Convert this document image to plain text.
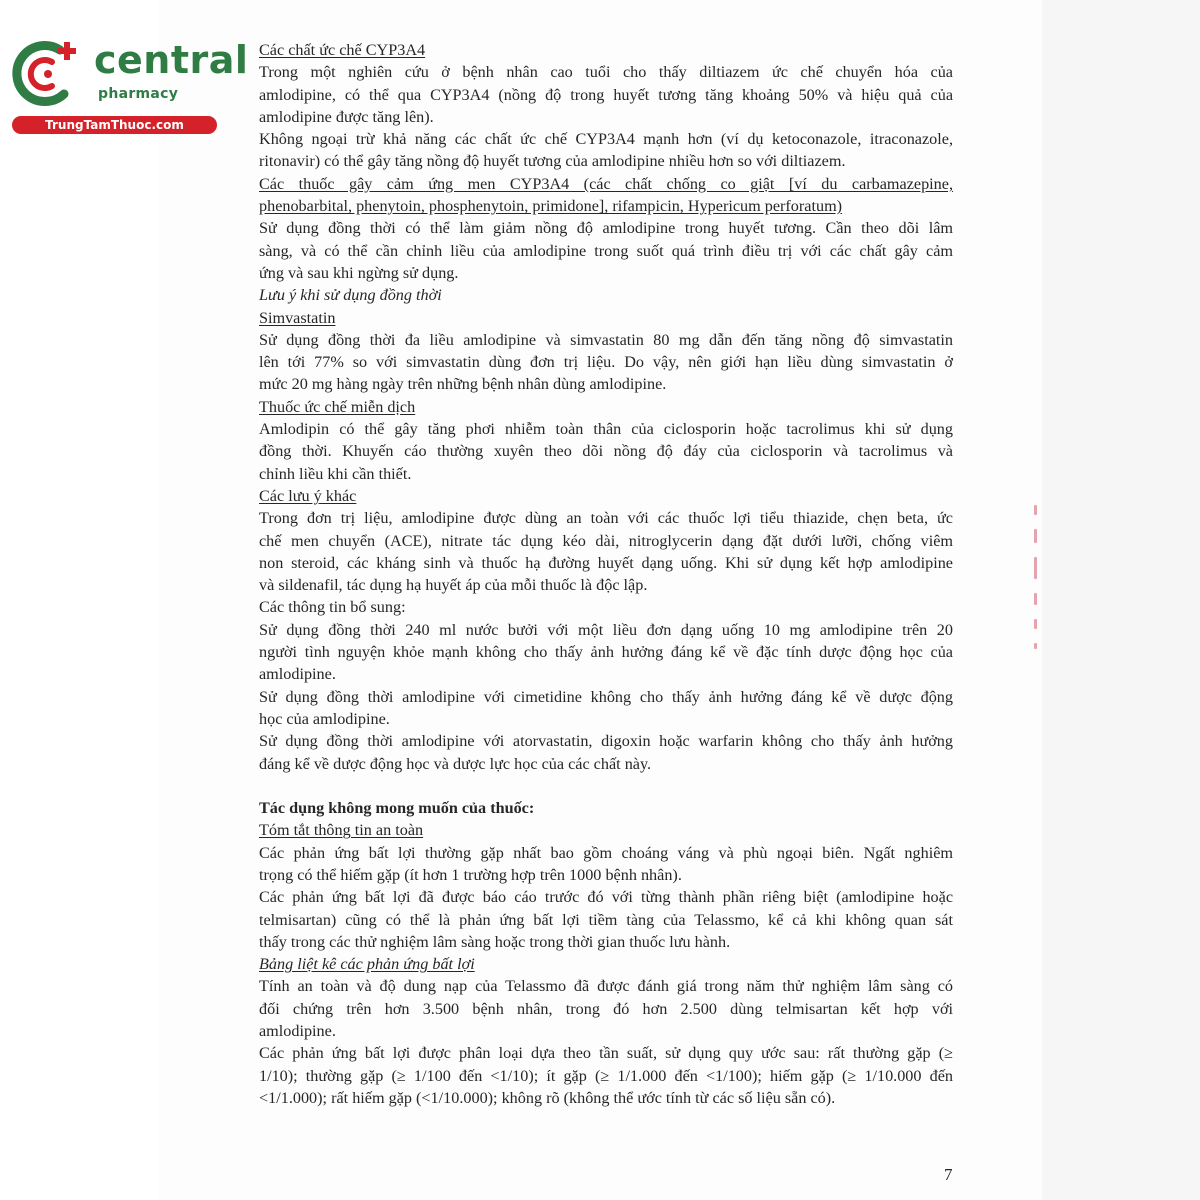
central
pharmacy
TrungTamThuoc.com
Các chất ức chế CYP3A4
Trong một nghiên cứu ở bệnh nhân cao tuổi cho thấy diltiazem ức chế chuyển hóa của
amlodipine, có thể qua CYP3A4 (nồng độ trong huyết tương tăng khoảng 50% và hiệu quả của
amlodipine được tăng lên).
Không ngoại trừ khả năng các chất ức chế CYP3A4 mạnh hơn (ví dụ ketoconazole, itraconazole,
ritonavir) có thể gây tăng nồng độ huyết tương của amlodipine nhiều hơn so với diltiazem.
Các thuốc gây cảm ứng men CYP3A4 (các chất chống co giật [ví du carbamazepine,
phenobarbital, phenytoin, phosphenytoin, primidone], rifampicin, Hypericum perforatum)
Sử dụng đồng thời có thể làm giảm nồng độ amlodipine trong huyết tương. Cần theo dõi lâm
sàng, và có thể cần chỉnh liều của amlodipine trong suốt quá trình điều trị với các chất gây cảm
ứng và sau khi ngừng sử dụng.
Lưu ý khi sử dụng đồng thời
Simvastatin
Sử dụng đồng thời đa liều amlodipine và simvastatin 80 mg dẫn đến tăng nồng độ simvastatin
lên tới 77% so với simvastatin dùng đơn trị liệu. Do vậy, nên giới hạn liều dùng simvastatin ở
mức 20 mg hàng ngày trên những bệnh nhân dùng amlodipine.
Thuốc ức chế miễn dịch
Amlodipin có thể gây tăng phơi nhiễm toàn thân của ciclosporin hoặc tacrolimus khi sử dụng
đồng thời. Khuyến cáo thường xuyên theo dõi nồng độ đáy của ciclosporin và tacrolimus và
chỉnh liều khi cần thiết.
Các lưu ý khác
Trong đơn trị liệu, amlodipine được dùng an toàn với các thuốc lợi tiểu thiazide, chẹn beta, ức
chế men chuyển (ACE), nitrate tác dụng kéo dài, nitroglycerin dạng đặt dưới lưỡi, chống viêm
non steroid, các kháng sinh và thuốc hạ đường huyết dạng uống. Khi sử dụng kết hợp amlodipine
và sildenafil, tác dụng hạ huyết áp của mỗi thuốc là độc lập.
Các thông tin bổ sung:
Sử dụng đồng thời 240 ml nước bưởi với một liều đơn dạng uống 10 mg amlodipine trên 20
người tình nguyện khỏe mạnh không cho thấy ảnh hưởng đáng kể về đặc tính dược động học của
amlodipine.
Sử dụng đồng thời amlodipine với cimetidine không cho thấy ảnh hưởng đáng kể về dược động
học của amlodipine.
Sử dụng đồng thời amlodipine với atorvastatin, digoxin hoặc warfarin không cho thấy ảnh hưởng
đáng kể về dược động học và dược lực học của các chất này.
Tác dụng không mong muốn của thuốc:
Tóm tắt thông tin an toàn
Các phản ứng bất lợi thường gặp nhất bao gồm choáng váng và phù ngoại biên. Ngất nghiêm
trọng có thể hiếm gặp (ít hơn 1 trường hợp trên 1000 bệnh nhân).
Các phản ứng bất lợi đã được báo cáo trước đó với từng thành phần riêng biệt (amlodipine hoặc
telmisartan) cũng có thể là phản ứng bất lợi tiềm tàng của Telassmo, kể cả khi không quan sát
thấy trong các thử nghiệm lâm sàng hoặc trong thời gian thuốc lưu hành.
Bảng liệt kê các phản ứng bất lợi
Tính an toàn và độ dung nạp của Telassmo đã được đánh giá trong năm thử nghiệm lâm sàng có
đối chứng trên hơn 3.500 bệnh nhân, trong đó hơn 2.500 dùng telmisartan kết hợp với
amlodipine.
Các phản ứng bất lợi được phân loại dựa theo tần suất, sử dụng quy ước sau: rất thường gặp (≥
1/10); thường gặp (≥ 1/100 đến <1/10); ít gặp (≥ 1/1.000 đến <1/100); hiếm gặp (≥ 1/10.000 đến
<1/1.000); rất hiếm gặp (<1/10.000); không rõ (không thể ước tính từ các số liệu sẵn có).
7
